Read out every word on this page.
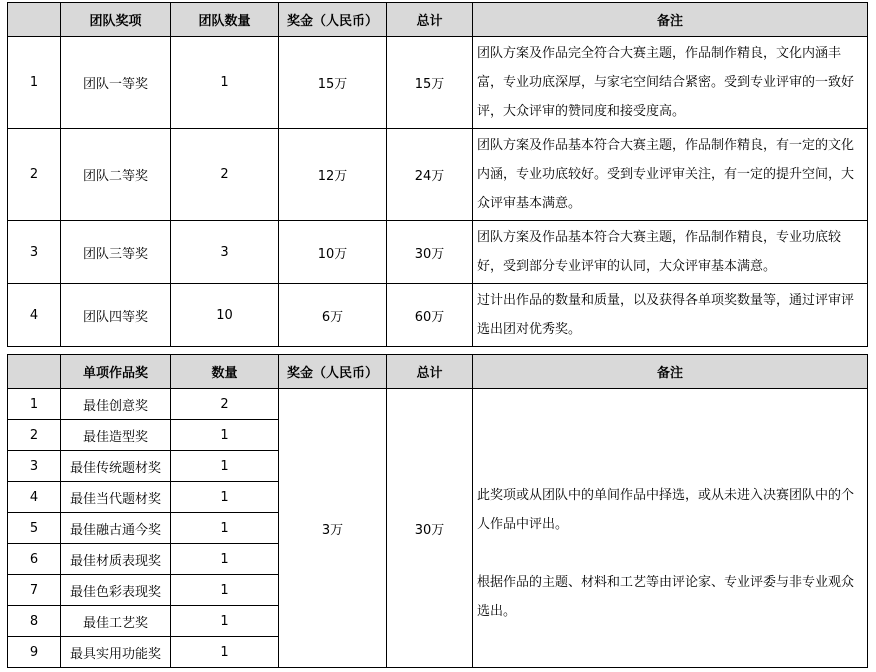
	团队奖项	团队数量	奖金（人民币）	总计	备注
1	团队一等奖	1	15万	15万	团队方案及作品完全符合大赛主题，作品制作精良，文化内涵丰富，专业功底深厚，与家宅空间结合紧密。受到专业评审的一致好评，大众评审的赞同度和接受度高。
2	团队二等奖	2	12万	24万	团队方案及作品基本符合大赛主题，作品制作精良，有一定的文化内涵，专业功底较好。受到专业评审关注，有一定的提升空间，大众评审基本满意。
3	团队三等奖	3	10万	30万	团队方案及作品基本符合大赛主题，作品制作精良，专业功底较好，受到部分专业评审的认同，大众评审基本满意。
4	团队四等奖	10	6万	60万	过计出作品的数量和质量，以及获得各单项奖数量等，通过评审评选出团对优秀奖。
	单项作品奖	数量	奖金（人民币）	总计	备注
1	最佳创意奖	2	3万	30万	此奖项或从团队中的单间作品中择选，或从未进入决赛团队中的个人作品中评出。
根据作品的主题、材料和工艺等由评论家、专业评委与非专业观众选出。

2	最佳造型奖	1			
3	最佳传统题材奖	1			
4	最佳当代题材奖	1			
5	最佳融古通今奖	1			
6	最佳材质表现奖	1			
7	最佳色彩表现奖	1			
8	最佳工艺奖	1			
9	最具实用功能奖	1			
